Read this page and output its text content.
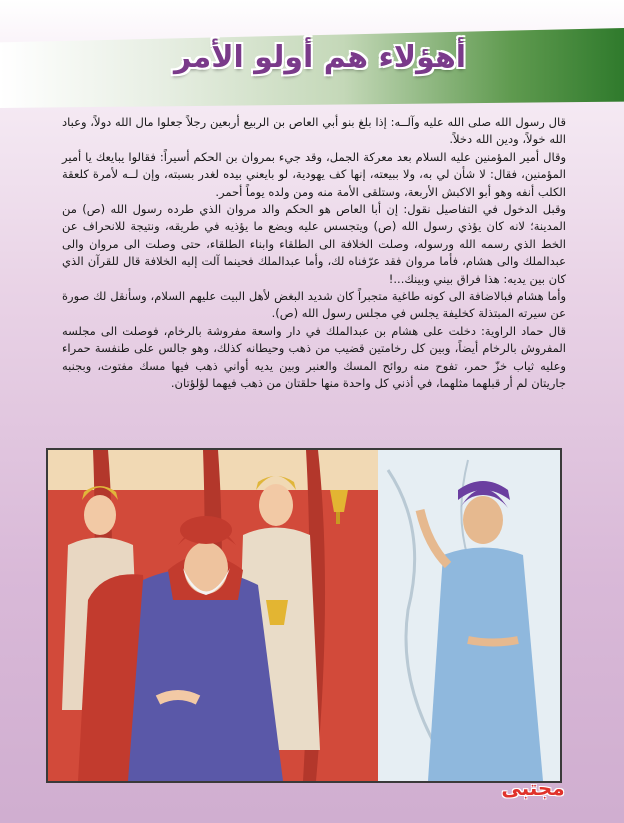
أهؤلاء هم أولو الأمر

قال رسول الله صلى الله عليه وآلــه: إذا بلغ بنو أبي العاص بن الربيع أربعين رجلاً جعلوا مال الله دولاً، وعباد الله خولاً، ودين الله دخلاً.

وقال أمير المؤمنين عليه السلام بعد معركة الجمل، وقد جيء بمروان بن الحكم أسيراً: فقالوا يبايعك يا أمير المؤمنين، فقال: لا شأن لي به، ولا ببيعته، إنها كف يهودية، لو بايعني بيده لغدر بسبته، وإن لــه لأمرة كلعقة الكلب أنفه وهو أبو الاكبش الأربعة، وستلقى الأمة منه ومن ولده يوماً أحمر.

وقبل الدخول في التفاصيل نقول: إن أبا العاص هو الحكم والد مروان الذي طرده رسول الله (ص) من المدينة؛ لانه كان يؤذي رسول الله (ص) ويتجسس عليه ويضع ما يؤذيه في طريقه، ونتيجة للانحراف عن الخط الذي رسمه الله ورسوله، وصلت الخلافة الى الطلقاء وابناء الطلقاء، حتى وصلت الى مروان والى عبدالملك والى هشام، فأما مروان فقد عرّفناه لك، وأما عبدالملك فحينما آلت إليه الخلافة قال للقرآن الذي كان بين يديه: هذا فراق بيني وبينك...!

وأما هشام فبالاضافة الى كونه طاغية متجبراً كان شديد البغض لأهل البيت عليهم السلام، وسأنقل لك صورة عن سيرته المبتذلة كخليفة يجلس في مجلس رسول الله (ص).

قال حماد الراوية: دخلت على هشام بن عبدالملك في دار واسعة مفروشة بالرخام، فوصلت الى مجلسه المفروش بالرخام أيضاً، وبين كل رخامتين قضيب من ذهب وحيطانه كذلك، وهو جالس على طنفسة حمراء وعليه ثياب خزّ حمر، تفوح منه روائح المسك والعنبر وبين يديه أواني ذهب فيها مسك مفتوت، وبجنبه جاريتان لم أر قبلهما مثلهما، في أذني كل واحدة منها حلقتان من ذهب فيهما لؤلؤتان.

مجتبى
